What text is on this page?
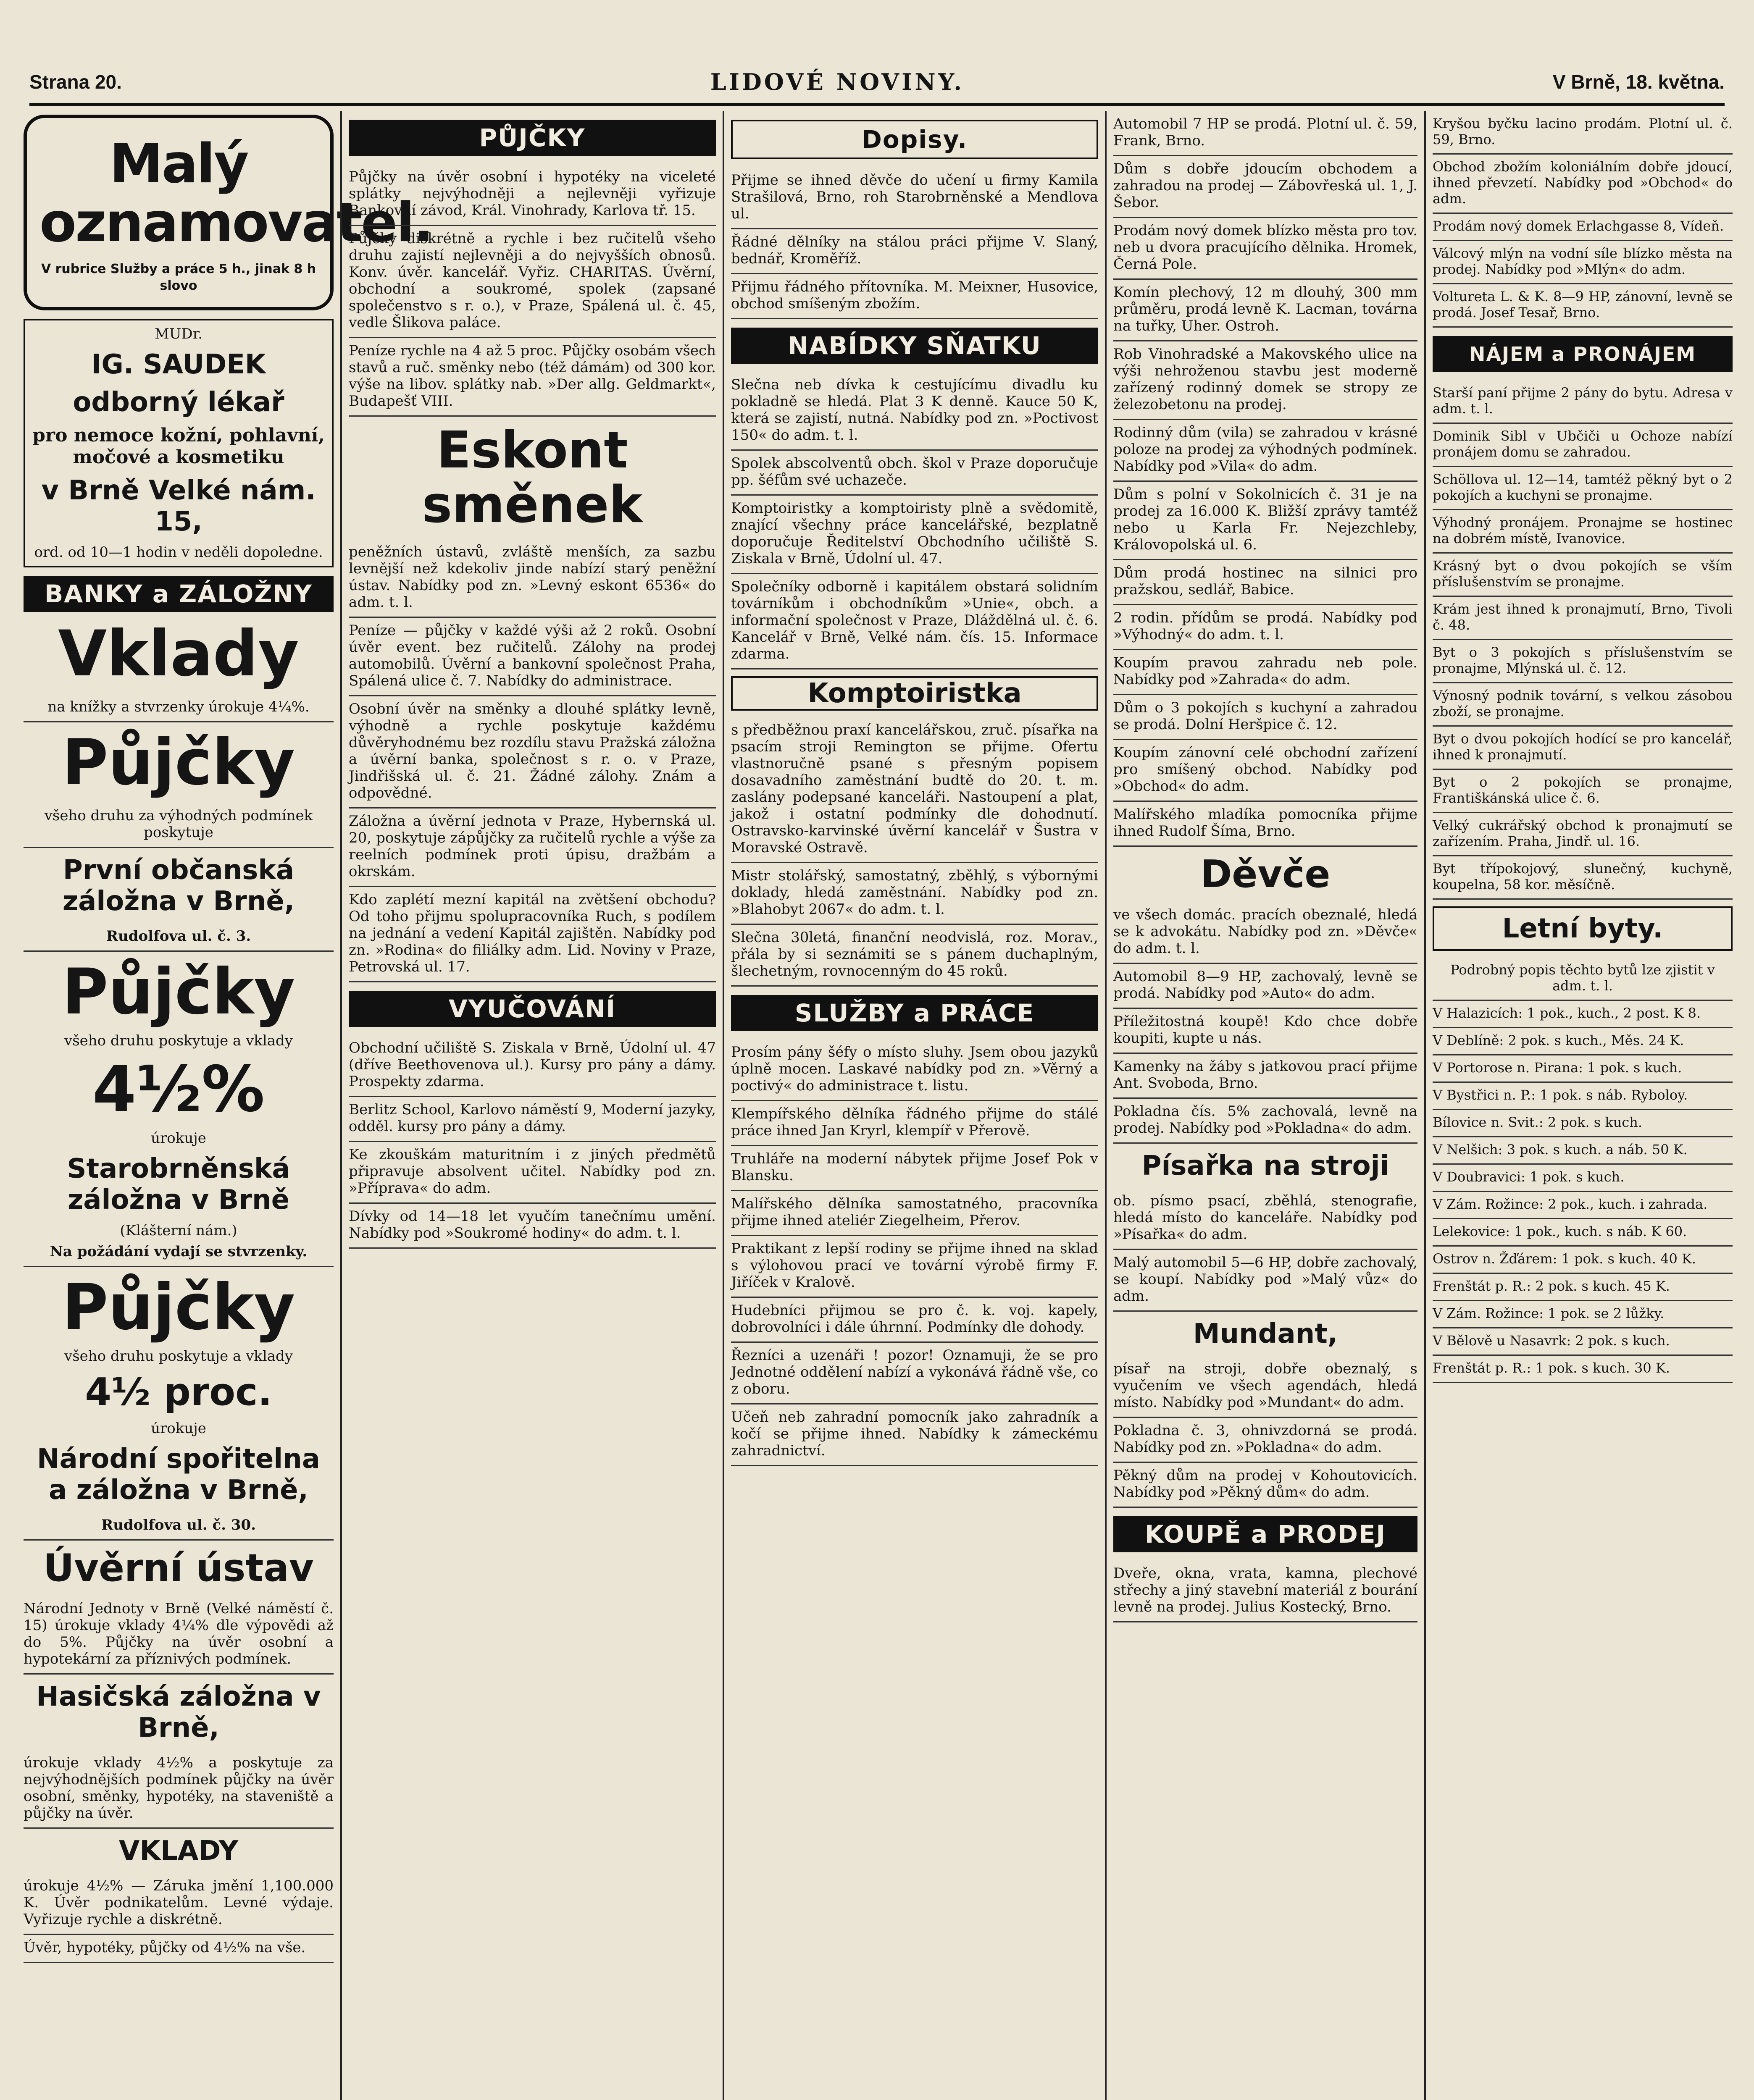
Strana 20.	LIDOVÉ NOVINY.	V Brně, 18. května.
Malý oznamovatel.
V rubrice Služby a práce 5 h., jinak 8 h slovo
MUDr.
IG. SAUDEK
odborný lékař
pro nemoce kožní, pohlavní, močové a kosmetiku
v Brně Velké nám. 15,
ord. od 10—1 hodin v neděli dopoledne.
BANKY a ZÁLOŽNY
Vklady
na knížky a stvrzenky úrokuje 4¼%.
Půjčky
všeho druhu za výhodných podmínek poskytuje
První občanská záložna v Brně,
Rudolfova ul. č. 3.
Půjčky
všeho druhu poskytuje a vklady
4½%
úrokuje
Starobrněnská záložna v Brně
(Klášterní nám.)
Na požádání vydají se stvrzenky.
Půjčky
všeho druhu poskytuje a vklady
4½ proc.
úrokuje
Národní spořitelna a záložna v Brně,
Rudolfova ul. č. 30.
Úvěrní ústav
Národní Jednoty v Brně (Velké náměstí č. 15) úrokuje vklady 4¼% dle výpovědi až do 5%. Půjčky na úvěr osobní a hypotekární za příznivých podmínek.
Hasičská záložna v Brně,
úrokuje vklady 4½% a poskytuje za nejvýhodnějších podmínek půjčky na úvěr osobní, směnky, hypotéky, na staveniště a půjčky na úvěr.
VKLADY
úrokuje 4½% — Záruka jmění 1,100.000 K. Úvěr podnikatelům. Levné výdaje. Vyřizuje rychle a diskrétně.
Úvěr, hypotéky, půjčky od 4½% na vše.
PŮJČKY
Půjčky na úvěr osobní i hypotéky na viceleté splátky nejvýhodněji a nejlevněji vyřizuje Bankovní závod, Král. Vinohrady, Karlova tř. 15.
Půjčky diskrétně a rychle i bez ručitelů všeho druhu zajistí nejlevněji a do nejvyšších obnosů. Konv. úvěr. kancelář. Vyřiz. CHARITAS. Úvěrní, obchodní a soukromé, spolek (zapsané společenstvo s r. o.), v Praze, Spálená ul. č. 45, vedle Šlikova paláce.
Peníze rychle na 4 až 5 proc. Půjčky osobám všech stavů a ruč. směnky nebo (též dámám) od 300 kor. výše na libov. splátky nab. »Der allg. Geldmarkt«, Budapešť VIII.
Eskont směnek
peněžních ústavů, zvláště menších, za sazbu levnější než kdekoliv jinde nabízí starý peněžní ústav. Nabídky pod zn. »Levný eskont 6536« do adm. t. l.
Peníze — půjčky v každé výši až 2 roků. Osobní úvěr event. bez ručitelů. Zálohy na prodej automobilů. Úvěrní a bankovní společnost Praha, Spálená ulice č. 7. Nabídky do administrace.
Osobní úvěr na směnky a dlouhé splátky levně, výhodně a rychle poskytuje každému důvěryhodnému bez rozdílu stavu Pražská záložna a úvěrní banka, společnost s r. o. v Praze, Jindřišská ul. č. 21. Žádné zálohy. Znám a odpovědné.
Záložna a úvěrní jednota v Praze, Hybernská ul. 20, poskytuje zápůjčky za ručitelů rychle a výše za reelních podmínek proti úpisu, dražbám a okrskám.
Kdo zaplétí mezní kapitál na zvětšení obchodu? Od toho přijmu spolupracovníka Ruch, s podílem na jednání a vedení Kapitál zajištěn. Nabídky pod zn. »Rodina« do filiálky adm. Lid. Noviny v Praze, Petrovská ul. 17.
VYUČOVÁNÍ
Obchodní učiliště S. Ziskala v Brně, Údolní ul. 47 (dříve Beethovenova ul.). Kursy pro pány a dámy. Prospekty zdarma.
Berlitz School, Karlovo náměstí 9, Moderní jazyky, odděl. kursy pro pány a dámy.
Ke zkouškám maturitním i z jiných předmětů připravuje absolvent učitel. Nabídky pod zn. »Příprava« do adm.
Dívky od 14—18 let vyučím tanečnímu umění. Nabídky pod »Soukromé hodiny« do adm. t. l.
Dopisy.
Přijme se ihned děvče do učení u firmy Kamila Strašilová, Brno, roh Starobrněnské a Mendlova ul.
Řádné dělníky na stálou práci přijme V. Slaný, bednář, Kroměříž.
Přijmu řádného přítovníka. M. Meixner, Husovice, obchod smíšeným zbožím.
NABÍDKY SŇATKU
Slečna neb dívka k cestujícímu divadlu ku pokladně se hledá. Plat 3 K denně. Kauce 50 K, která se zajistí, nutná. Nabídky pod zn. »Poctivost 150« do adm. t. l.
Spolek abscolventů obch. škol v Praze doporučuje pp. šéfům své uchazeče.
Komptoiristky a komptoiristy plně a svědomitě, znající všechny práce kancelářské, bezplatně doporučuje Ředitelství Obchodního učiliště S. Ziskala v Brně, Údolní ul. 47.
Společníky odborně i kapitálem obstará solidním továrníkům i obchodníkům »Unie«, obch. a informační společnost v Praze, Dláždělná ul. č. 6. Kancelář v Brně, Velké nám. čís. 15. Informace zdarma.
Komptoiristka
s předběžnou praxí kancelářskou, zruč. písařka na psacím stroji Remington se přijme. Ofertu vlastnoručně psané s přesným popisem dosavadního zaměstnání budtě do 20. t. m. zaslány podepsané kanceláři. Nastoupení a plat, jakož i ostatní podmínky dle dohodnutí. Ostravsko-karvinské úvěrní kancelář v Šustra v Moravské Ostravě.
Mistr stolářský, samostatný, zběhlý, s výbornými doklady, hledá zaměstnání. Nabídky pod zn. »Blahobyt 2067« do adm. t. l.
Slečna 30letá, finanční neodvislá, roz. Morav., přála by si seznámiti se s pánem duchaplným, šlechetným, rovnocenným do 45 roků.
SLUŽBY a PRÁCE
Prosím pány šéfy o místo sluhy. Jsem obou jazyků úplně mocen. Laskavé nabídky pod zn. »Věrný a poctivý« do administrace t. listu.
Klempířského dělníka řádného přijme do stálé práce ihned Jan Kryrl, klempíř v Přerově.
Truhláře na moderní nábytek přijme Josef Pok v Blansku.
Malířského dělníka samostatného, pracovníka přijme ihned ateliér Ziegelheim, Přerov.
Praktikant z lepší rodiny se přijme ihned na sklad s výlohovou prací ve tovární výrobě firmy F. Jiříček v Kralově.
Hudebníci přijmou se pro č. k. voj. kapely, dobrovolníci i dále úhrnní. Podmínky dle dohody.
Řezníci a uzenáři ! pozor! Oznamuji, že se pro Jednotné oddělení nabízí a vykonává řádně vše, co z oboru.
Učeň neb zahradní pomocník jako zahradník a kočí se přijme ihned. Nabídky k zámeckému zahradnictví.
Automobil 7 HP se prodá. Plotní ul. č. 59, Frank, Brno.
Dům s dobře jdoucím obchodem a zahradou na prodej — Zábovřeská ul. 1, J. Šebor.
Prodám nový domek blízko města pro tov. neb u dvora pracujícího dělnika. Hromek, Černá Pole.
Komín plechový, 12 m dlouhý, 300 mm průměru, prodá levně K. Lacman, továrna na tuřky, Uher. Ostroh.
Rob Vinohradské a Makovského ulice na výši nehroženou stavbu jest moderně zařízený rodinný domek se stropy ze železobetonu na prodej.
Rodinný dům (vila) se zahradou v krásné poloze na prodej za výhodných podmínek. Nabídky pod »Vila« do adm.
Dům s polní v Sokolnicích č. 31 je na prodej za 16.000 K. Bližší zprávy tamtéž nebo u Karla Fr. Nejezchleby, Královopolská ul. 6.
Dům prodá hostinec na silnici pro pražskou, sedlář, Babice.
2 rodin. přídům se prodá. Nabídky pod »Výhodný« do adm. t. l.
Koupím pravou zahradu neb pole. Nabídky pod »Zahrada« do adm.
Dům o 3 pokojích s kuchyní a zahradou se prodá. Dolní Heršpice č. 12.
Koupím zánovní celé obchodní zařízení pro smíšený obchod. Nabídky pod »Obchod« do adm.
Malířského mladíka pomocníka přijme ihned Rudolf Šíma, Brno.
Děvče
ve všech domác. pracích obeznalé, hledá se k advokátu. Nabídky pod zn. »Děvče« do adm. t. l.
Automobil 8—9 HP, zachovalý, levně se prodá. Nabídky pod »Auto« do adm.
Příležitostná koupě! Kdo chce dobře koupiti, kupte u nás.
Kamenky na žáby s jatkovou prací přijme Ant. Svoboda, Brno.
Pokladna čís. 5% zachovalá, levně na prodej. Nabídky pod »Pokladna« do adm.
Písařka na stroji
ob. písmo psací, zběhlá, stenografie, hledá místo do kanceláře. Nabídky pod »Písařka« do adm.
Malý automobil 5—6 HP, dobře zachovalý, se koupí. Nabídky pod »Malý vůz« do adm.
Mundant,
písař na stroji, dobře obeznalý, s vyučením ve všech agendách, hledá místo. Nabídky pod »Mundant« do adm.
Pokladna č. 3, ohnivzdorná se prodá. Nabídky pod zn. »Pokladna« do adm.
Pěkný dům na prodej v Kohoutovicích. Nabídky pod »Pěkný dům« do adm.
KOUPĚ a PRODEJ
Dveře, okna, vrata, kamna, plechové střechy a jiný stavební materiál z bourání levně na prodej. Julius Kostecký, Brno.
Kryšou byčku lacino prodám. Plotní ul. č. 59, Brno.
Obchod zbožím koloniálním dobře jdoucí, ihned převzetí. Nabídky pod »Obchod« do adm.
Prodám nový domek Erlachgasse 8, Vídeň.
Válcový mlýn na vodní síle blízko města na prodej. Nabídky pod »Mlýn« do adm.
Voltureta L. & K. 8—9 HP, zánovní, levně se prodá. Josef Tesař, Brno.
NÁJEM a PRONÁJEM
Starší paní přijme 2 pány do bytu. Adresa v adm. t. l.
Dominik Sibl v Ubčiči u Ochoze nabízí pronájem domu se zahradou.
Schöllova ul. 12—14, tamtéž pěkný byt o 2 pokojích a kuchyni se pronajme.
Výhodný pronájem. Pronajme se hostinec na dobrém místě, Ivanovice.
Krásný byt o dvou pokojích se vším příslušenstvím se pronajme.
Krám jest ihned k pronajmutí, Brno, Tivoli č. 48.
Byt o 3 pokojích s příslušenstvím se pronajme, Mlýnská ul. č. 12.
Výnosný podnik tovární, s velkou zásobou zboží, se pronajme.
Byt o dvou pokojích hodící se pro kancelář, ihned k pronajmutí.
Byt o 2 pokojích se pronajme, Františkánská ulice č. 6.
Velký cukrářský obchod k pronajmutí se zařízením. Praha, Jindř. ul. 16.
Byt třípokojový, slunečný, kuchyně, koupelna, 58 kor. měsíčně.
Letní byty.
Podrobný popis těchto bytů lze zjistit v adm. t. l.
V Halazicích: 1 pok., kuch., 2 post. K 8.
V Deblíně: 2 pok. s kuch., Měs. 24 K.
V Portorose n. Pirana: 1 pok. s kuch.
V Bystřici n. P.: 1 pok. s náb. Ryboloy.
Bílovice n. Svit.: 2 pok. s kuch.
V Nelšich: 3 pok. s kuch. a náb. 50 K.
V Doubravici: 1 pok. s kuch.
V Zám. Rožince: 2 pok., kuch. i zahrada.
Lelekovice: 1 pok., kuch. s náb. K 60.
Ostrov n. Žďárem: 1 pok. s kuch. 40 K.
Frenštát p. R.: 2 pok. s kuch. 45 K.
V Zám. Rožince: 1 pok. se 2 lůžky.
V Bělově u Nasavrk: 2 pok. s kuch.
Frenštát p. R.: 1 pok. s kuch. 30 K.
